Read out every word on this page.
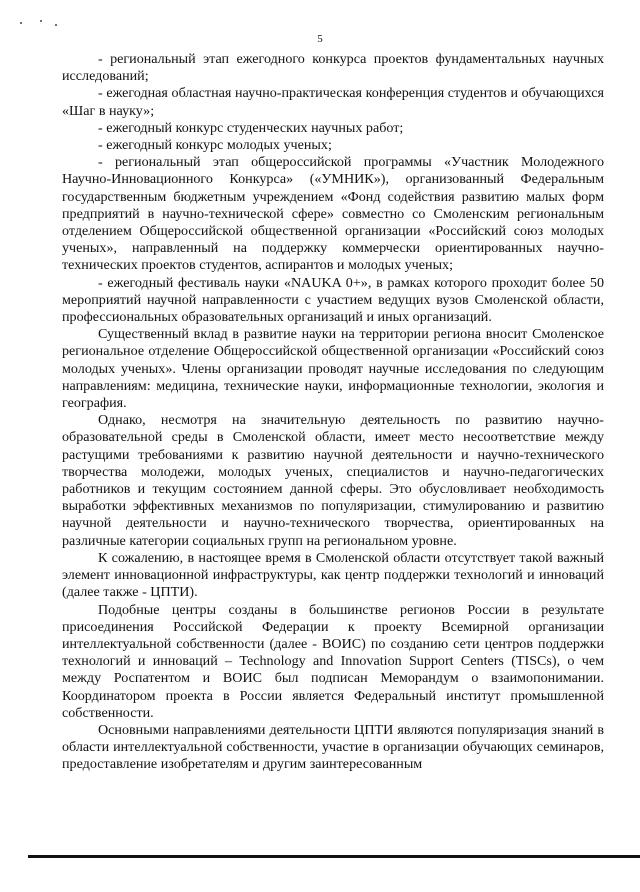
5

- региональный этап ежегодного конкурса проектов фундаментальных научных исследований;

- ежегодная областная научно-практическая конференция студентов и обучающихся «Шаг в науку»;

- ежегодный конкурс студенческих научных работ;

- ежегодный конкурс молодых ученых;

- региональный этап общероссийской программы «Участник Молодежного Научно-Инновационного Конкурса» («УМНИК»), организованный Федеральным государственным бюджетным учреждением «Фонд содействия развитию малых форм предприятий в научно-технической сфере» совместно со Смоленским региональным отделением Общероссийской общественной организации «Российский союз молодых ученых», направленный на поддержку коммерчески ориентированных научно-технических проектов студентов, аспирантов и молодых ученых;

- ежегодный фестиваль науки «NAUKA 0+», в рамках которого проходит более 50 мероприятий научной направленности с участием ведущих вузов Смоленской области, профессиональных образовательных организаций и иных организаций.

Существенный вклад в развитие науки на территории региона вносит Смоленское региональное отделение Общероссийской общественной организации «Российский союз молодых ученых». Члены организации проводят научные исследования по следующим направлениям: медицина, технические науки, информационные технологии, экология и география.

Однако, несмотря на значительную деятельность по развитию научно-образовательной среды в Смоленской области, имеет место несоответствие между растущими требованиями к развитию научной деятельности и научно-технического творчества молодежи, молодых ученых, специалистов и научно-педагогических работников и текущим состоянием данной сферы. Это обусловливает необходимость выработки эффективных механизмов по популяризации, стимулированию и развитию научной деятельности и научно-технического творчества, ориентированных на различные категории социальных групп на региональном уровне.

К сожалению, в настоящее время в Смоленской области отсутствует такой важный элемент инновационной инфраструктуры, как центр поддержки технологий и инноваций (далее также - ЦПТИ).

Подобные центры созданы в большинстве регионов России в результате присоединения Российской Федерации к проекту Всемирной организации интеллектуальной собственности (далее - ВОИС) по созданию сети центров поддержки технологий и инноваций – Technology and Innovation Support Centers (TISCs), о чем между Роспатентом и ВОИС был подписан Меморандум о взаимопонимании. Координатором проекта в России является Федеральный институт промышленной собственности.

Основными направлениями деятельности ЦПТИ являются популяризация знаний в области интеллектуальной собственности, участие в организации обучающих семинаров, предоставление изобретателям и другим заинтересованным
